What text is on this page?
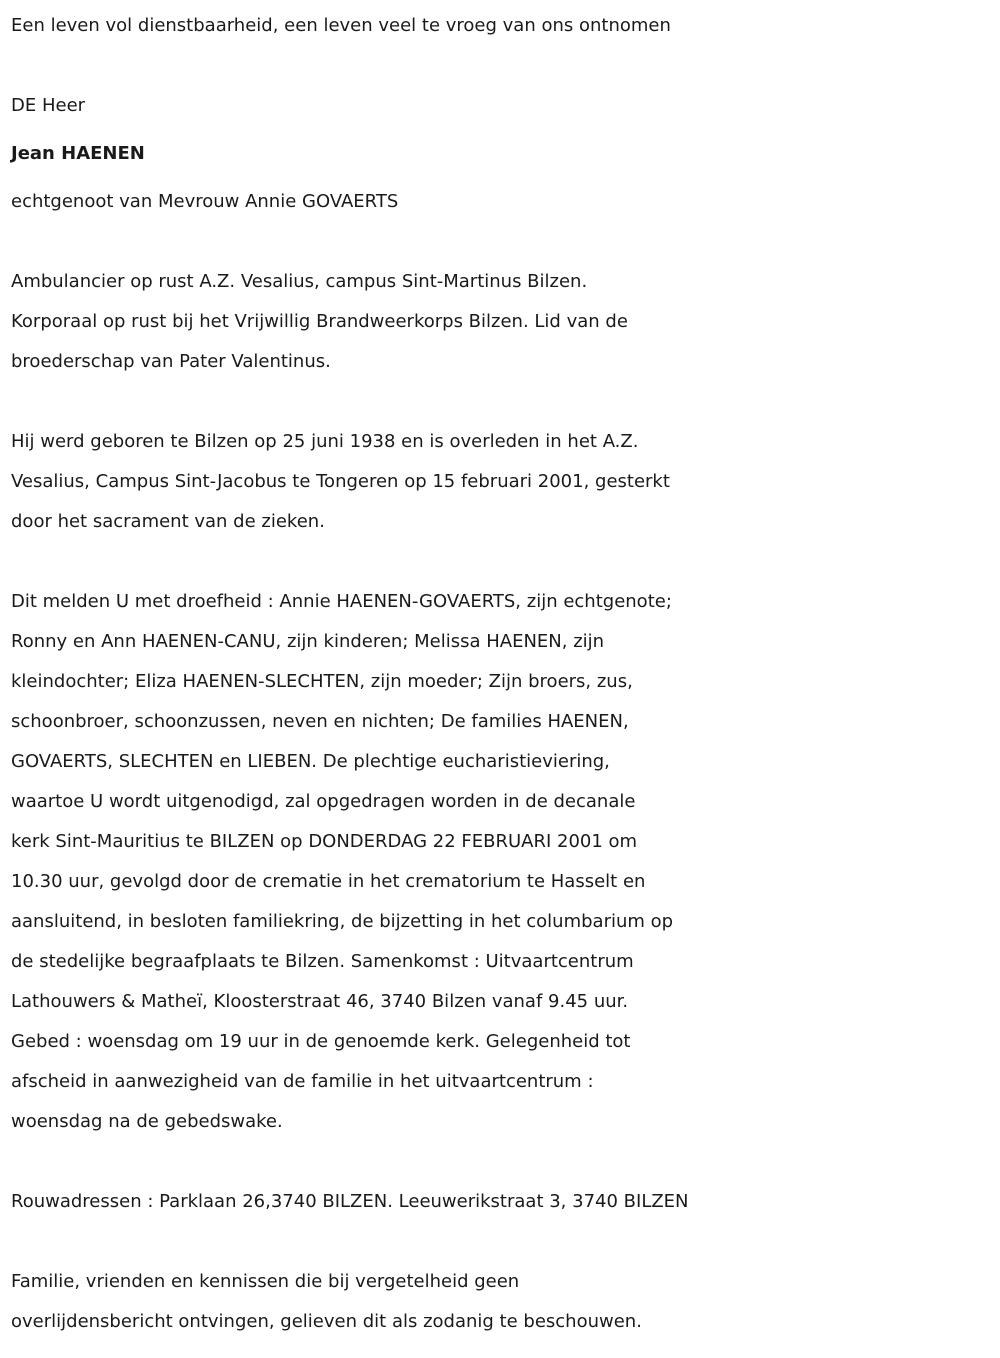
Een leven vol dienstbaarheid, een leven veel te vroeg van ons ontnomen
DE Heer
Jean HAENEN
echtgenoot van Mevrouw Annie GOVAERTS

Ambulancier op rust A.Z. Vesalius, campus Sint-Martinus Bilzen.
Korporaal op rust bij het Vrijwillig Brandweerkorps Bilzen. Lid van de
broederschap van Pater Valentinus.

Hij werd geboren te Bilzen op 25 juni 1938 en is overleden in het A.Z.
Vesalius, Campus Sint-Jacobus te Tongeren op 15 februari 2001, gesterkt
door het sacrament van de zieken.

Dit melden U met droefheid : Annie HAENEN-GOVAERTS, zijn echtgenote;
Ronny en Ann HAENEN-CANU, zijn kinderen; Melissa HAENEN, zijn
kleindochter; Eliza HAENEN-SLECHTEN, zijn moeder; Zijn broers, zus,
schoonbroer, schoonzussen, neven en nichten; De families HAENEN,
GOVAERTS, SLECHTEN en LIEBEN. De plechtige eucharistieviering,
waartoe U wordt uitgenodigd, zal opgedragen worden in de decanale
kerk Sint-Mauritius te BILZEN op DONDERDAG 22 FEBRUARI 2001 om
10.30 uur, gevolgd door de crematie in het crematorium te Hasselt en
aansluitend, in besloten familiekring, de bijzetting in het columbarium op
de stedelijke begraafplaats te Bilzen. Samenkomst : Uitvaartcentrum
Lathouwers & Matheï, Kloosterstraat 46, 3740 Bilzen vanaf 9.45 uur.
Gebed : woensdag om 19 uur in de genoemde kerk. Gelegenheid tot
afscheid in aanwezigheid van de familie in het uitvaartcentrum :
woensdag na de gebedswake.

Rouwadressen : Parklaan 26,3740 BILZEN. Leeuwerikstraat 3, 3740 BILZEN

Familie, vrienden en kennissen die bij vergetelheid geen
overlijdensbericht ontvingen, gelieven dit als zodanig te beschouwen.
